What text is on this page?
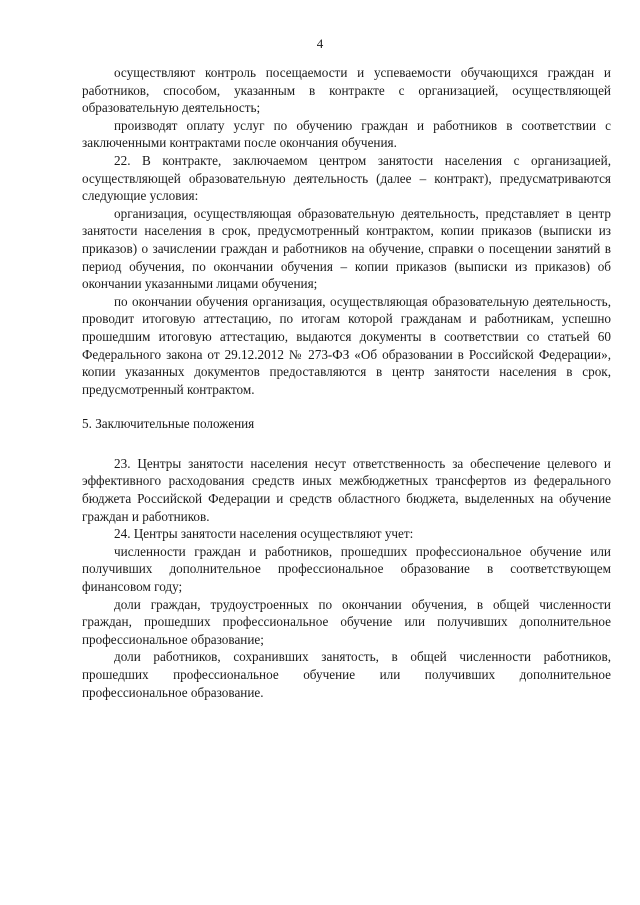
4

осуществляют контроль посещаемости и успеваемости обучающихся граждан и работников, способом, указанным в контракте с организацией, осуществляющей образовательную деятельность;

производят оплату услуг по обучению граждан и работников в соответствии с заключенными контрактами после окончания обучения.

22. В контракте, заключаемом центром занятости населения с организацией, осуществляющей образовательную деятельность (далее – контракт), предусматриваются следующие условия:

организация, осуществляющая образовательную деятельность, представляет в центр занятости населения в срок, предусмотренный контрактом, копии приказов (выписки из приказов) о зачислении граждан и работников на обучение, справки о посещении занятий в период обучения, по окончании обучения – копии приказов (выписки из приказов) об окончании указанными лицами обучения;

по окончании обучения организация, осуществляющая образовательную деятельность, проводит итоговую аттестацию, по итогам которой гражданам и работникам, успешно прошедшим итоговую аттестацию, выдаются документы в соответствии со статьей 60 Федерального закона от 29.12.2012 № 273-ФЗ «Об образовании в Российской Федерации», копии указанных документов предоставляются в центр занятости населения в срок, предусмотренный контрактом.

5. Заключительные положения

23. Центры занятости населения несут ответственность за обеспечение целевого и эффективного расходования средств иных межбюджетных трансфертов из федерального бюджета Российской Федерации и средств областного бюджета, выделенных на обучение граждан и работников.

24. Центры занятости населения осуществляют учет:

численности граждан и работников, прошедших профессиональное обучение или получивших дополнительное профессиональное образование в соответствующем финансовом году;

доли граждан, трудоустроенных по окончании обучения, в общей численности граждан, прошедших профессиональное обучение или получивших дополнительное профессиональное образование;

доли работников, сохранивших занятость, в общей численности работников, прошедших профессиональное обучение или получивших дополнительное профессиональное образование.
